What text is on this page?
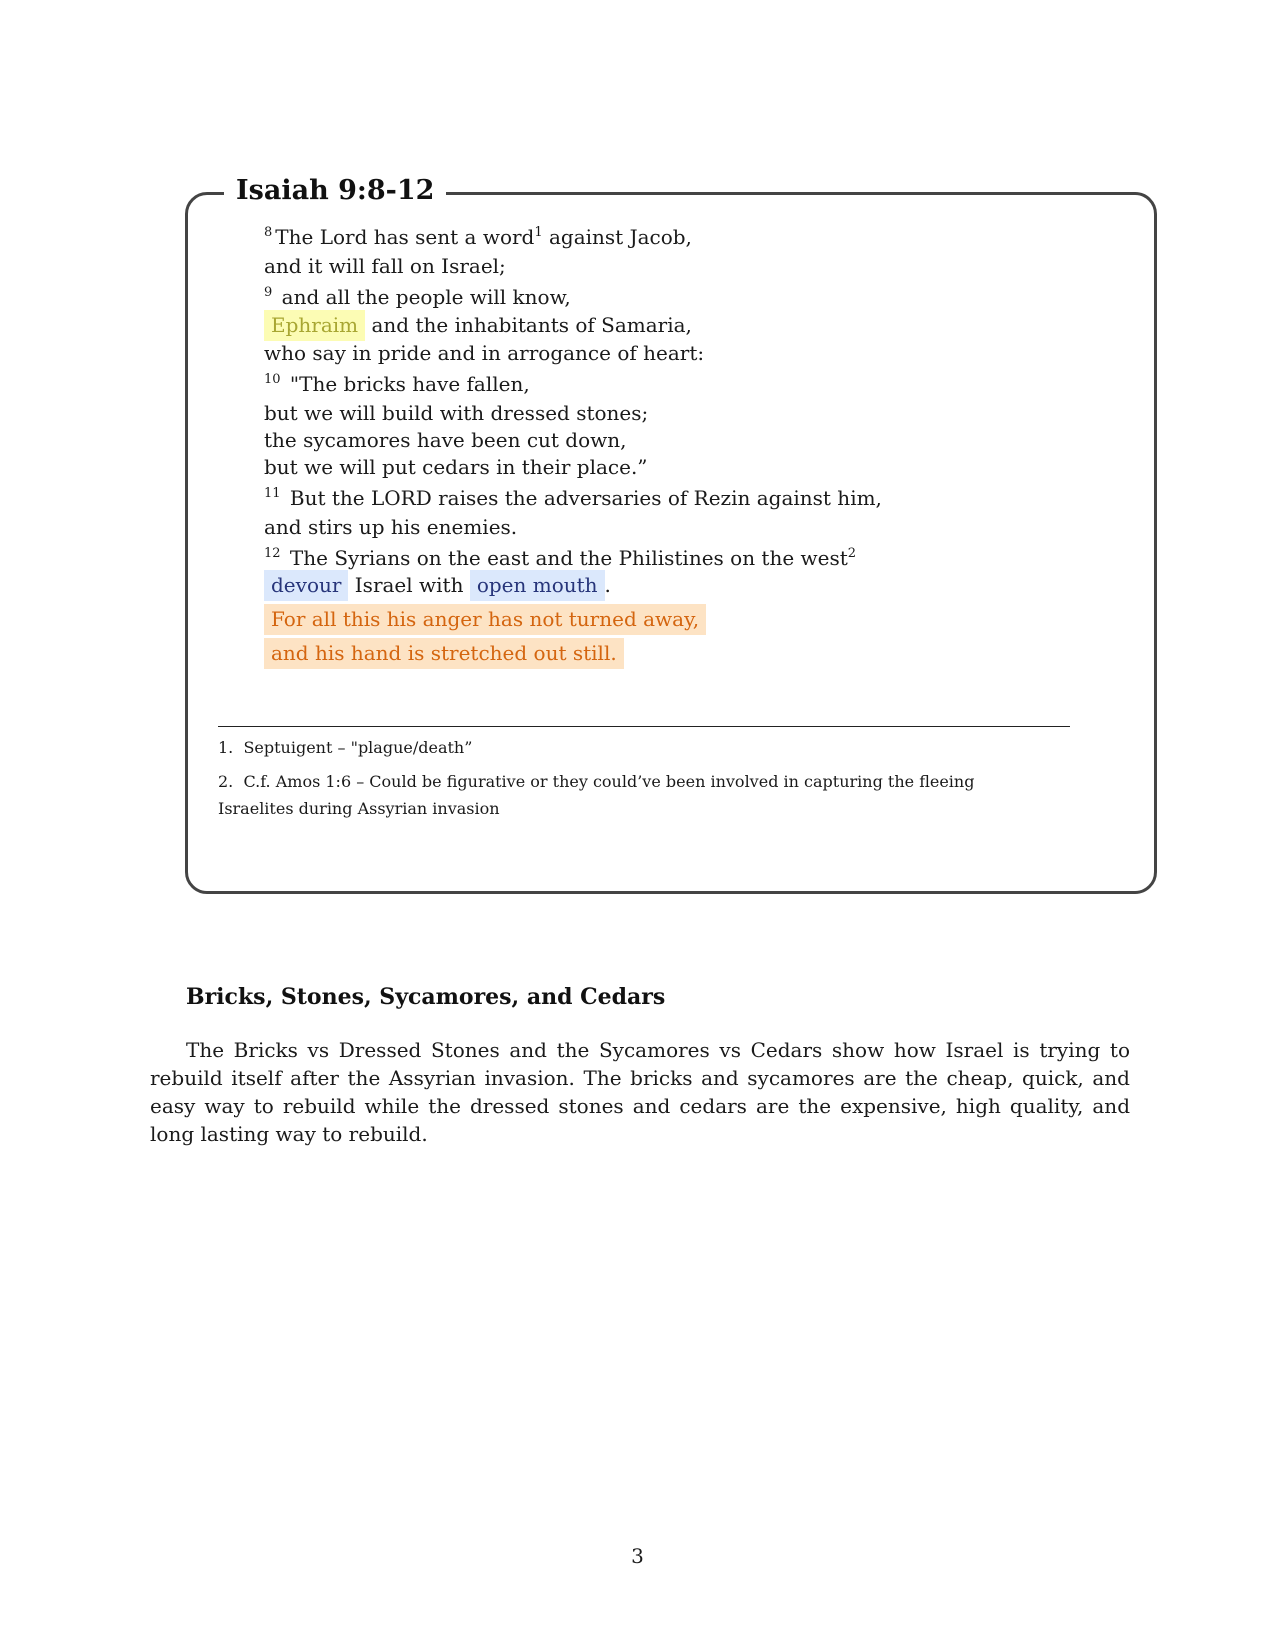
Isaiah 9:8-12
$^8$ The Lord has sent a word$^1$ against Jacob,
and it will fall on Israel;
$^9$ and all the people will know,
Ephraim and the inhabitants of Samaria,
who say in pride and in arrogance of heart:
$^{10}$ "The bricks have fallen,
but we will build with dressed stones;
the sycamores have been cut down,
but we will put cedars in their place.”
$^{11}$ But the LORD raises the adversaries of Rezin against him,
and stirs up his enemies.
$^{12}$ The Syrians on the east and the Philistines on the west$^2$
devour Israel with open mouth .
For all this his anger has not turned away,
and his hand is stretched out still.
1. Septuigent – "plague/death”
2. C.f. Amos 1:6 – Could be figurative or they could’ve been involved in capturing the fleeing
Israelites during Assyrian invasion
Bricks, Stones, Sycamores, and Cedars
The Bricks vs Dressed Stones and the Sycamores vs Cedars show how Israel is trying to rebuild itself after the Assyrian invasion. The bricks and sycamores are the cheap, quick, and easy way to rebuild while the dressed stones and cedars are the expensive, high quality, and long lasting way to rebuild.
3
